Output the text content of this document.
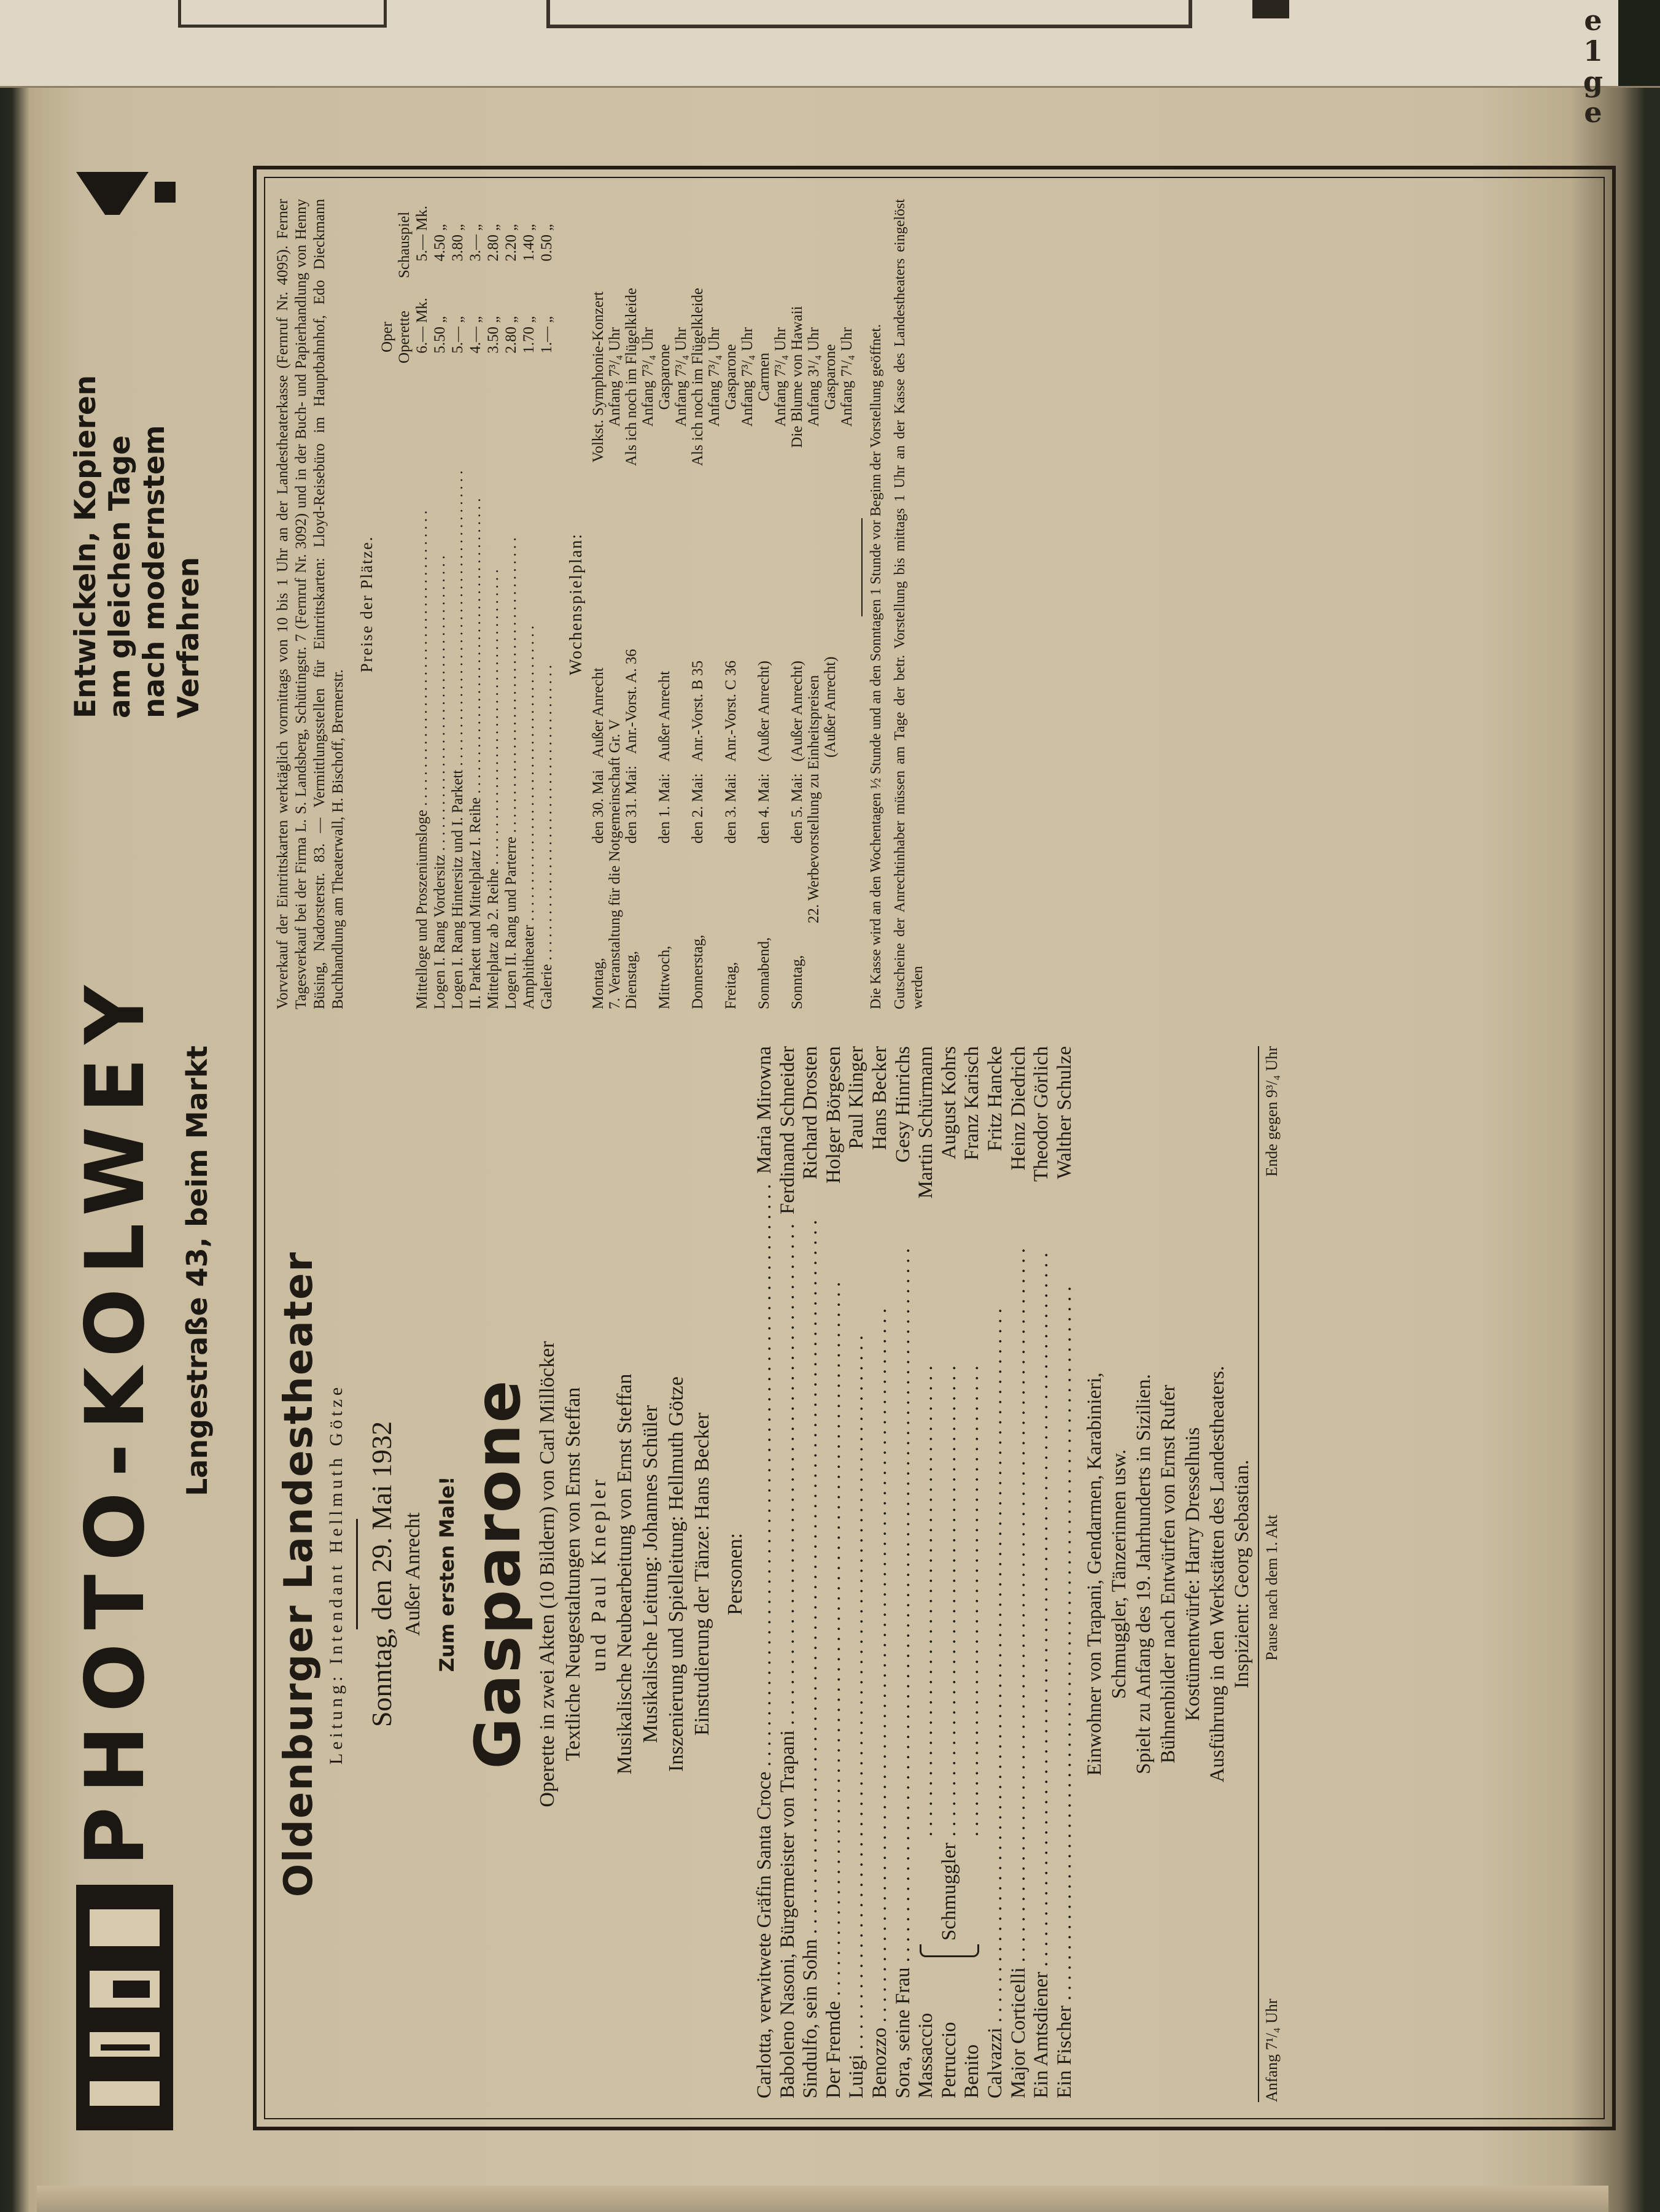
e
1
g
e
PHOTO-KOLWEY Langestraße 43, beim Markt
Entwickeln, Kopieren am gleichen Tage nach modernstem Verfahren
Oldenburger Landestheater Leitung: Intendant Hellmuth Götze Sonntag, den 29. Mai 1932 Außer Anrecht Zum ersten Male! Gasparone Operette in zwei Akten (10 Bildern) von Carl Millöcker Textliche Neugestaltungen von Ernst Steffan und Paul Knepler Musikalische Neubearbeitung von Ernst Steffan Musikalische Leitung: Johannes Schüler Inszenierung und Spielleitung: Hellmuth Götze Einstudierung der Tänze: Hans Becker Personen:
Carlotta, verwitwete Gräfin Santa Croce . . .
Maria Mirowna
Baboleno Nasoni, Bürgermeister von Trapani . . .
Ferdinand Schneider
Sindulfo, sein Sohn . . .
Richard Drosten
Der Fremde . . .
Holger Börgesen
Luigi . . .
Paul Klinger
Benozzo . . .
Hans Becker
Sora, seine Frau . . .
Gesy Hinrichs
Massaccio Petruccio Benito
Schmuggler
. . .
Martin Schürmann
. . . August Kohrs
. . . Franz Karisch
Calvazzi . . .
Fritz Hancke
Major Corticelli . . .
Heinz Diedrich
Ein Amtsdiener . . .
Theodor Görlich
Ein Fischer . . .
Walther Schulze
Einwohner von Trapani, Gendarmen, Karabinieri, Schmuggler, Tänzerinnen usw. Spielt zu Anfang des 19. Jahrhunderts in Sizilien. Bühnenbilder nach Entwürfen von Ernst Rufer Kostümentwürfe: Harry Dresselhuis Ausführung in den Werkstätten des Landestheaters. Inspizient: Georg Sebastian.
Anfang 7¹/₄ Uhr
Pause nach dem 1. Akt
Ende gegen 9³/₄ Uhr
Vorverkauf der Eintrittskarten werktäglich vormittags von 10 bis 1 Uhr an der Landestheaterkasse (Fernruf Nr. 4095). Ferner Tagesverkauf bei der Firma L. S. Landsberg, Schüttingstr. 7 (Fernruf Nr. 3092) und in der Buch- und Papierhandlung von Henny Büsing, Nadorsterstr. 83. — Vermittlungsstellen für Eintrittskarten: Lloyd-Reisebüro im Hauptbahnhof, Edo Dieckmann Buchhandlung am Theaterwall, H. Bischoff, Bremerstr.
Preise der Plätze.
Oper Operette
Schauspiel
Mittelloge und Proszeniumsloge . . .
6.—
Mk.
5.—
Mk.
Logen I. Rang Vordersitz . . .
5.50
„
4.50
„
Logen I. Rang Hintersitz und I. Parkett . . .
5.—
„
3.80
„
II. Parkett und Mittelplatz I. Reihe . . .
4.—
„
3.—
„
Mittelplatz ab 2. Reihe . . .
3.50
„
2.80
„
Logen II. Rang und Parterre . . .
2.80
„
2.20
„
Amphitheater . . .
1.70
„
1.40
„
Galerie . . .
1.—
„
0.50
„
Wochenspielplan:
Montag,
den 30. Mai   Außer Anrecht
Volkst. Symphonie-Konzert
7. Veranstaltung für die Notgemeinschaft Gr. V
Anfang 7³/₄ Uhr
Dienstag,
den 31. Mai:   Anr.-Vorst. A. 36
Als ich noch im Flügelkleide Anfang 7³/₄ Uhr
Mittwoch,
den 1. Mai:   Außer Anrecht
Gasparone Anfang 7³/₄ Uhr
Donnerstag,
den 2. Mai:   Anr.-Vorst. B 35
Als ich noch im Flügelkleide Anfang 7³/₄ Uhr
Freitag,
den 3. Mai:   Anr.-Vorst. C 36
Gasparone Anfang 7³/₄ Uhr
Sonnabend,
den 4. Mai:   (Außer Anrecht)
Carmen Anfang 7³/₄ Uhr
Sonntag,
den 5. Mai:   (Außer Anrecht)
Die Blume von Hawaii
22. Werbevorstellung zu Einheitspreisen
Anfang 3¹/₄ Uhr
(Außer Anrecht)
Gasparone Anfang 7¹/₄ Uhr Die Kasse wird an den Wochentagen ½ Stunde und an den Sonntagen 1 Stunde vor Beginn der Vorstellung geöffnet. Gutscheine der Anrechtinhaber müssen am Tage der betr. Vorstellung bis mittags 1 Uhr an der Kasse des Landestheaters eingelöst werden
